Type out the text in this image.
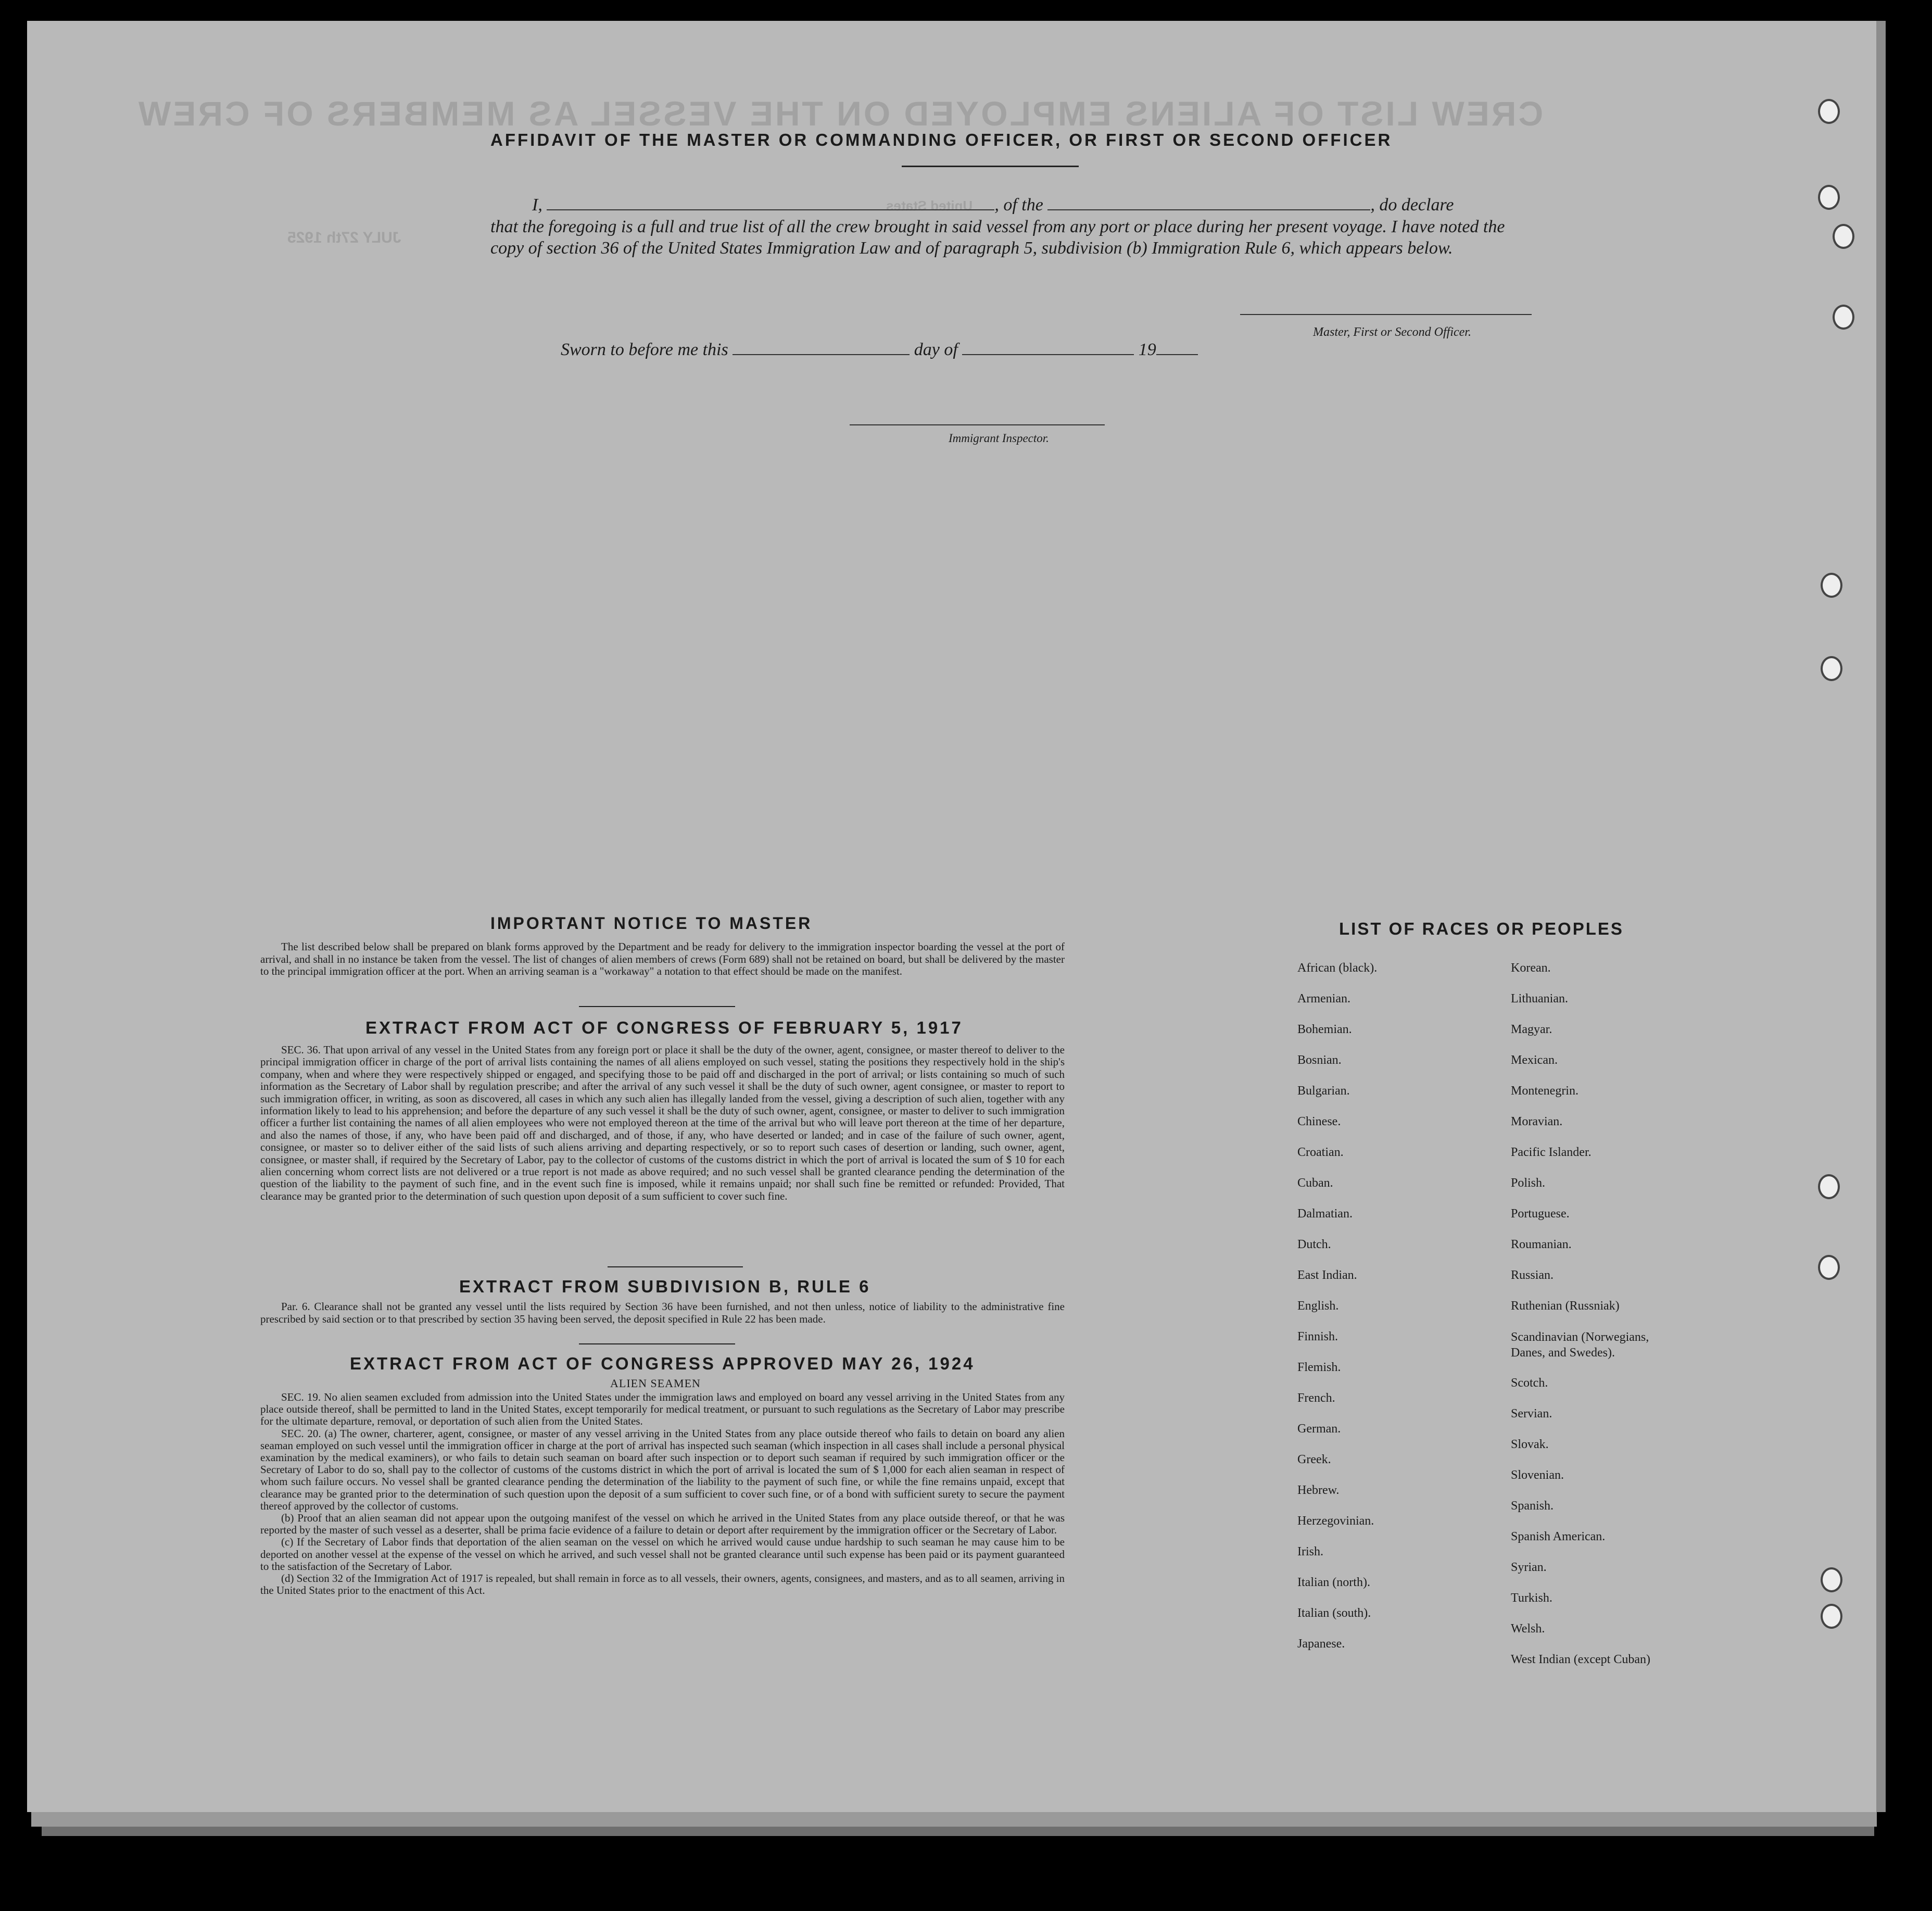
CREW LIST OF ALIENS EMPLOYED ON THE VESSEL AS MEMBERS OF CREW
JULY 27th 1925
United States
AFFIDAVIT OF THE MASTER OR COMMANDING OFFICER, OR FIRST OR SECOND OFFICER
I,	, of the	, do declare
that the foregoing is a full and true list of all the crew brought in said vessel from any port or place during her present voyage. I have noted the copy of section 36 of the United States Immigration Law and of paragraph 5, subdivision (b) Immigration Rule 6, which appears below.
Master, First or Second Officer.
Sworn to before me this	day of	19
Immigrant Inspector.
IMPORTANT NOTICE TO MASTER
The list described below shall be prepared on blank forms approved by the Department and be ready for delivery to the immigration inspector boarding the vessel at the port of arrival, and shall in no instance be taken from the vessel. The list of changes of alien members of crews (Form 689) shall not be retained on board, but shall be delivered by the master to the principal immigration officer at the port. When an arriving seaman is a "workaway" a notation to that effect should be made on the manifest.
EXTRACT FROM ACT OF CONGRESS OF FEBRUARY 5, 1917
SEC. 36. That upon arrival of any vessel in the United States from any foreign port or place it shall be the duty of the owner, agent, consignee, or master thereof to deliver to the principal immigration officer in charge of the port of arrival lists containing the names of all aliens employed on such vessel, stating the positions they respectively hold in the ship's company, when and where they were respectively shipped or engaged, and specifying those to be paid off and discharged in the port of arrival; or lists containing so much of such information as the Secretary of Labor shall by regulation prescribe; and after the arrival of any such vessel it shall be the duty of such owner, agent consignee, or master to report to such immigration officer, in writing, as soon as discovered, all cases in which any such alien has illegally landed from the vessel, giving a description of such alien, together with any information likely to lead to his apprehension; and before the departure of any such vessel it shall be the duty of such owner, agent, consignee, or master to deliver to such immigration officer a further list containing the names of all alien employees who were not employed thereon at the time of the arrival but who will leave port thereon at the time of her departure, and also the names of those, if any, who have been paid off and discharged, and of those, if any, who have deserted or landed; and in case of the failure of such owner, agent, consignee, or master so to deliver either of the said lists of such aliens arriving and departing respectively, or so to report such cases of desertion or landing, such owner, agent, consignee, or master shall, if required by the Secretary of Labor, pay to the collector of customs of the customs district in which the port of arrival is located the sum of $ 10 for each alien concerning whom correct lists are not delivered or a true report is not made as above required; and no such vessel shall be granted clearance pending the determination of the question of the liability to the payment of such fine, and in the event such fine is imposed, while it remains unpaid; nor shall such fine be remitted or refunded: Provided, That clearance may be granted prior to the determination of such question upon deposit of a sum sufficient to cover such fine.
EXTRACT FROM SUBDIVISION B, RULE 6
Par. 6. Clearance shall not be granted any vessel until the lists required by Section 36 have been furnished, and not then unless, notice of liability to the administrative fine prescribed by said section or to that prescribed by section 35 having been served, the deposit specified in Rule 22 has been made.
EXTRACT FROM ACT OF CONGRESS APPROVED MAY 26, 1924
ALIEN SEAMEN

SEC. 19. No alien seamen excluded from admission into the United States under the immigration laws and employed on board any vessel arriving in the United States from any place outside thereof, shall be permitted to land in the United States, except temporarily for medical treatment, or pursuant to such regulations as the Secretary of Labor may prescribe for the ultimate departure, removal, or deportation of such alien from the United States.

SEC. 20. (a) The owner, charterer, agent, consignee, or master of any vessel arriving in the United States from any place outside thereof who fails to detain on board any alien seaman employed on such vessel until the immigration officer in charge at the port of arrival has inspected such seaman (which inspection in all cases shall include a personal physical examination by the medical examiners), or who fails to detain such seaman on board after such inspection or to deport such seaman if required by such immigration officer or the Secretary of Labor to do so, shall pay to the collector of customs of the customs district in which the port of arrival is located the sum of $ 1,000 for each alien seaman in respect of whom such failure occurs. No vessel shall be granted clearance pending the determination of the liability to the payment of such fine, or while the fine remains unpaid, except that clearance may be granted prior to the determination of such question upon the deposit of a sum sufficient to cover such fine, or of a bond with sufficient surety to secure the payment thereof approved by the collector of customs.

(b) Proof that an alien seaman did not appear upon the outgoing manifest of the vessel on which he arrived in the United States from any place outside thereof, or that he was reported by the master of such vessel as a deserter, shall be prima facie evidence of a failure to detain or deport after requirement by the immigration officer or the Secretary of Labor.

(c) If the Secretary of Labor finds that deportation of the alien seaman on the vessel on which he arrived would cause undue hardship to such seaman he may cause him to be deported on another vessel at the expense of the vessel on which he arrived, and such vessel shall not be granted clearance until such expense has been paid or its payment guaranteed to the satisfaction of the Secretary of Labor.

(d) Section 32 of the Immigration Act of 1917 is repealed, but shall remain in force as to all vessels, their owners, agents, consignees, and masters, and as to all seamen, arriving in the United States prior to the enactment of this Act.

LIST OF RACES OR PEOPLES
African (black).
Armenian.
Bohemian.
Bosnian.
Bulgarian.
Chinese.
Croatian.
Cuban.
Dalmatian.
Dutch.
East Indian.
English.
Finnish.
Flemish.
French.
German.
Greek.
Hebrew.
Herzegovinian.
Irish.
Italian (north).
Italian (south).
Japanese.
Korean.
Lithuanian.
Magyar.
Mexican.
Montenegrin.
Moravian.
Pacific Islander.
Polish.
Portuguese.
Roumanian.
Russian.
Ruthenian (Russniak)
Scandinavian (Norwegians, Danes, and Swedes).
Scotch.
Servian.
Slovak.
Slovenian.
Spanish.
Spanish American.
Syrian.
Turkish.
Welsh.
West Indian (except Cuban)
